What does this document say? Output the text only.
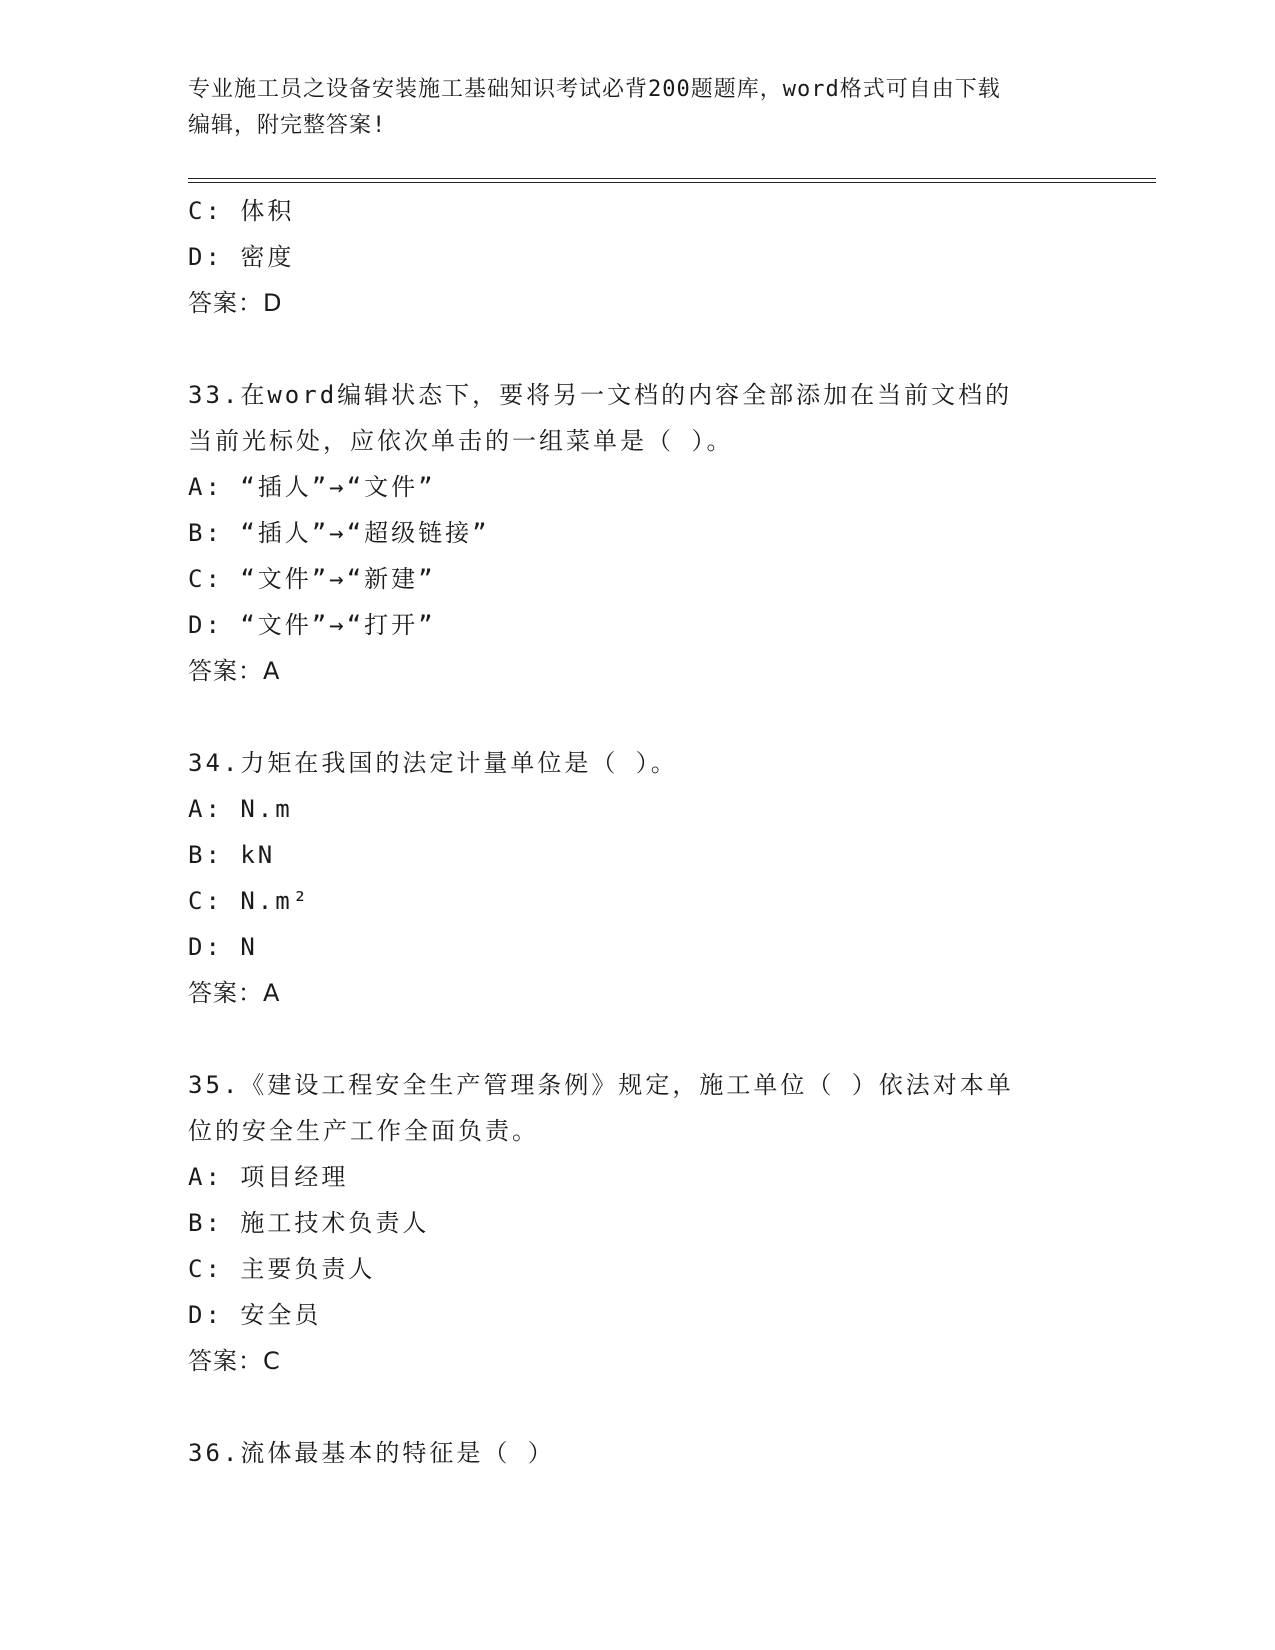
专业施工员之设备安装施工基础知识考试必背200题题库，word格式可自由下载
编辑，附完整答案!
C: 体积
D: 密度
答案：D
33.在word编辑状态下，要将另一文档的内容全部添加在当前文档的
当前光标处，应依次单击的一组菜单是（ ）。
A: “插人”→“文件”
B: “插人”→“超级链接”
C: “文件”→“新建”
D: “文件”→“打开”
答案：A
34.力矩在我国的法定计量单位是（ ）。
A: N.m
B: kN
C: N.m²
D: N
答案：A
35.《建设工程安全生产管理条例》规定，施工单位（ ）依法对本单
位的安全生产工作全面负责。
A: 项目经理
B: 施工技术负责人
C: 主要负责人
D: 安全员
答案：C
36.流体最基本的特征是（ ）
